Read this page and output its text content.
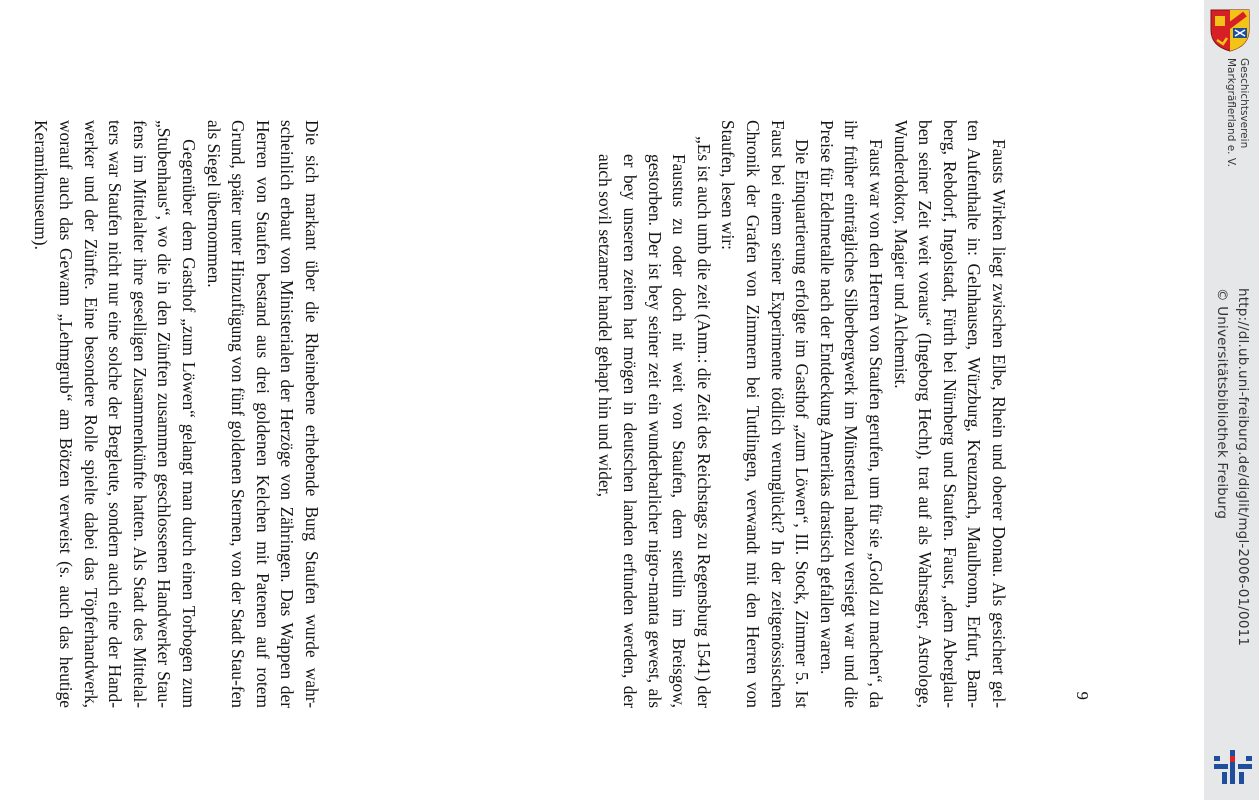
9

Die sich markant über die Rheinebene erhebende Burg Staufen wurde wahr-scheinlich erbaut von Ministerialen der Herzöge von Zähringen. Das Wappen der Herren von Staufen bestand aus drei goldenen Kelchen mit Patenen auf rotem Grund, später unter Hinzufügung von fünf goldenen Sternen, von der Stadt Stau-fen als Siegel übernommen.

Gegenüber dem Gasthof „zum Löwen“ gelangt man durch einen Torbogen zum „Stubenhaus“, wo die in den Zünften zusammen geschlossenen Handwerker Stau-fens im Mittelalter ihre geselligen Zusammenkünfte hatten. Als Stadt des Mittelal-ters war Staufen nicht nur eine solche der Bergleute, sondern auch eine der Hand-werker und der Zünfte. Eine besondere Rolle spielte dabei das Töpferhandwerk, worauf auch das Gewann „Lehmgrub“ am Bötzen verweist (s. auch das heutige Keramikmuseum).	Fausts Wirken liegt zwischen Elbe, Rhein und oberer Donau. Als gesichert gel-ten Aufenthalte in: Gelnhausen, Würzburg, Kreuznach, Maulbronn, Erfurt, Bam-berg, Rebdorf, Ingolstadt, Fürth bei Nürnberg und Staufen. Faust, „dem Aberglau-ben seiner Zeit weit voraus“ (Ingeborg Hecht), trat auf als Wahrsager, Astrologe, Wunderdoktor, Magier und Alchemist.

Faust war von den Herren von Staufen gerufen, um für sie „Gold zu machen“, da ihr früher einträgliches Silberbergwerk im Münstertal nahezu versiegt war und die Preise für Edelmetalle nach der Entdeckung Amerikas drastisch gefallen waren.

Die Einquartierung erfolgte im Gasthof „zum Löwen“, III. Stock, Zimmer 5. Ist Faust bei einem seiner Experimente tödlich verunglückt? In der zeitgenössischen Chronik der Grafen von Zimmern bei Tuttlingen, verwandt mit den Herren von Staufen, lesen wir:

„Es ist auch umb die zeit (Anm.: die Zeit des Reichstags zu Regensburg 1541) der Faustus zu oder doch nit weit von Staufen, dem stettlin im Breisgow, gestorben. Der ist bey seiner zeit ein wunderbarlicher nigro-manta gewest, als er bey unseren zeiten hat mögen in deutschen landen erfunden werden, der auch sovil setzamer handel gehapt hin und wider,

Geschichtsverein
Markgräflerland e. V.
http://dl.ub.uni-freiburg.de/diglit/mgl-2006-01/0011
© Universitätsbibliothek Freiburg
